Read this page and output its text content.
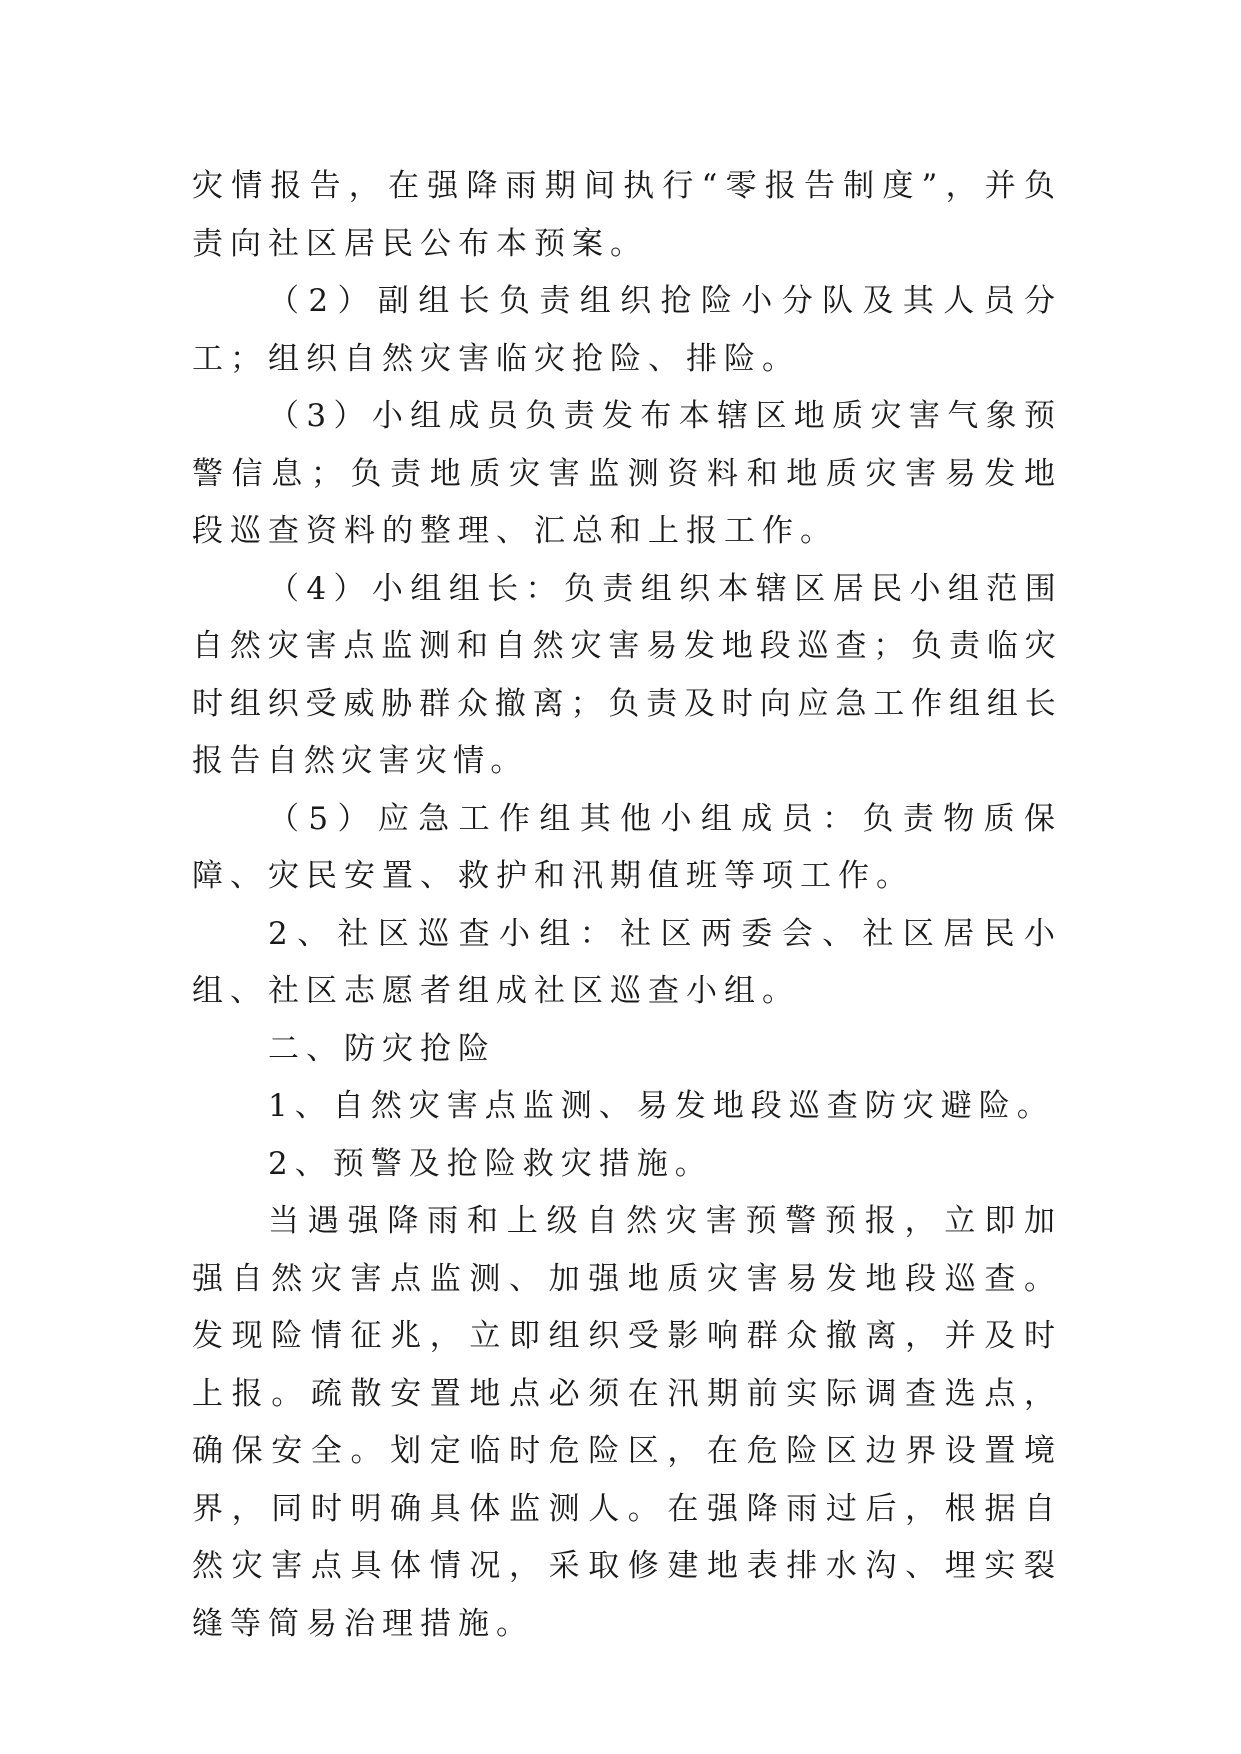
灾情报告，在强降雨期间执行“零报告制度”，并负责向社区居民公布本预案。

（2）副组长负责组织抢险小分队及其人员分工；组织自然灾害临灾抢险、排险。

（3）小组成员负责发布本辖区地质灾害气象预警信息；负责地质灾害监测资料和地质灾害易发地段巡查资料的整理、汇总和上报工作。

（4）小组组长：负责组织本辖区居民小组范围自然灾害点监测和自然灾害易发地段巡查；负责临灾时组织受威胁群众撤离；负责及时向应急工作组组长报告自然灾害灾情。

（5）应急工作组其他小组成员：负责物质保障、灾民安置、救护和汛期值班等项工作。

2、社区巡查小组：社区两委会、社区居民小组、社区志愿者组成社区巡查小组。

二、防灾抢险

1、自然灾害点监测、易发地段巡查防灾避险。

2、预警及抢险救灾措施。

当遇强降雨和上级自然灾害预警预报，立即加强自然灾害点监测、加强地质灾害易发地段巡查。发现险情征兆，立即组织受影响群众撤离，并及时上报。疏散安置地点必须在汛期前实际调查选点，确保安全。划定临时危险区，在危险区边界设置境界，同时明确具体监测人。在强降雨过后，根据自然灾害点具体情况，采取修建地表排水沟、埋实裂缝等简易治理措施。
